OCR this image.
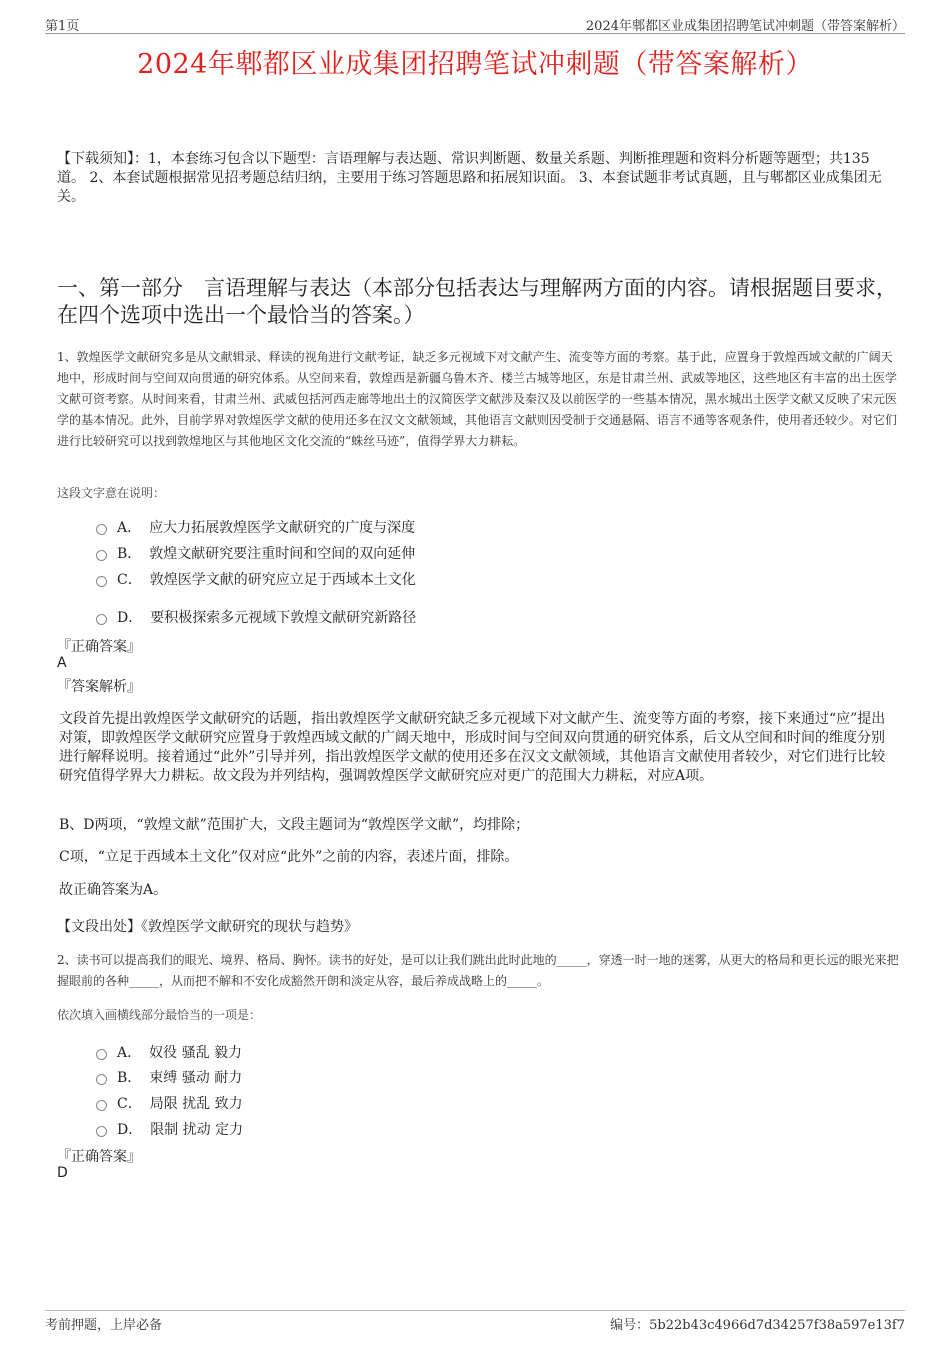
第1页	2024年郫都区业成集团招聘笔试冲刺题（带答案解析）
2024年郫都区业成集团招聘笔试冲刺题（带答案解析）
【下载须知】：1，本套练习包含以下题型：言语理解与表达题、常识判断题、数量关系题、判断推理题和资料分析题等题型；共135道。 2、本套试题根据常见招考题总结归纳，主要用于练习答题思路和拓展知识面。 3、本套试题非考试真题，且与郫都区业成集团无关。
一、第一部分　言语理解与表达（本部分包括表达与理解两方面的内容。请根据题目要求，在四个选项中选出一个最恰当的答案。）
1、敦煌医学文献研究多是从文献辑录、释读的视角进行文献考证，缺乏多元视域下对文献产生、流变等方面的考察。基于此，应置身于敦煌西域文献的广阔天地中，形成时间与空间双向贯通的研究体系。从空间来看，敦煌西是新疆乌鲁木齐、楼兰古城等地区，东是甘肃兰州、武威等地区，这些地区有丰富的出土医学文献可资考察。从时间来看，甘肃兰州、武威包括河西走廊等地出土的汉简医学文献涉及秦汉及以前医学的一些基本情况，黑水城出土医学文献又反映了宋元医学的基本情况。此外，目前学界对敦煌医学文献的使用还多在汉文文献领域，其他语言文献则因受制于交通悬隔、语言不通等客观条件，使用者还较少。对它们进行比较研究可以找到敦煌地区与其他地区文化交流的“蛛丝马迹”，值得学界大力耕耘。
这段文字意在说明：
A． 应大力拓展敦煌医学文献研究的广度与深度
B． 敦煌文献研究要注重时间和空间的双向延伸
C． 敦煌医学文献的研究应立足于西域本土文化
D． 要积极探索多元视域下敦煌文献研究新路径
『正确答案』
A
『答案解析』
文段首先提出敦煌医学文献研究的话题，指出敦煌医学文献研究缺乏多元视域下对文献产生、流变等方面的考察，接下来通过“应”提出对策，即敦煌医学文献研究应置身于敦煌西域文献的广阔天地中，形成时间与空间双向贯通的研究体系，后文从空间和时间的维度分别进行解释说明。接着通过“此外”引导并列，指出敦煌医学文献的使用还多在汉文文献领域，其他语言文献使用者较少，对它们进行比较研究值得学界大力耕耘。故文段为并列结构，强调敦煌医学文献研究应对更广的范围大力耕耘，对应A项。
B、D两项，“敦煌文献”范围扩大，文段主题词为“敦煌医学文献”，均排除；
C项，“立足于西域本土文化”仅对应“此外”之前的内容，表述片面，排除。
故正确答案为A。
【文段出处】《敦煌医学文献研究的现状与趋势》
2、读书可以提高我们的眼光、境界、格局、胸怀。读书的好处，是可以让我们跳出此时此地的_____，穿透一时一地的迷雾，从更大的格局和更长远的眼光来把握眼前的各种_____，从而把不解和不安化成豁然开朗和淡定从容，最后养成战略上的_____。
依次填入画横线部分最恰当的一项是：
A． 奴役 骚乱 毅力
B． 束缚 骚动 耐力
C． 局限 扰乱 致力
D． 限制 扰动 定力
『正确答案』
D
考前押题，上岸必备	编号：5b22b43c4966d7d34257f38a597e13f7
